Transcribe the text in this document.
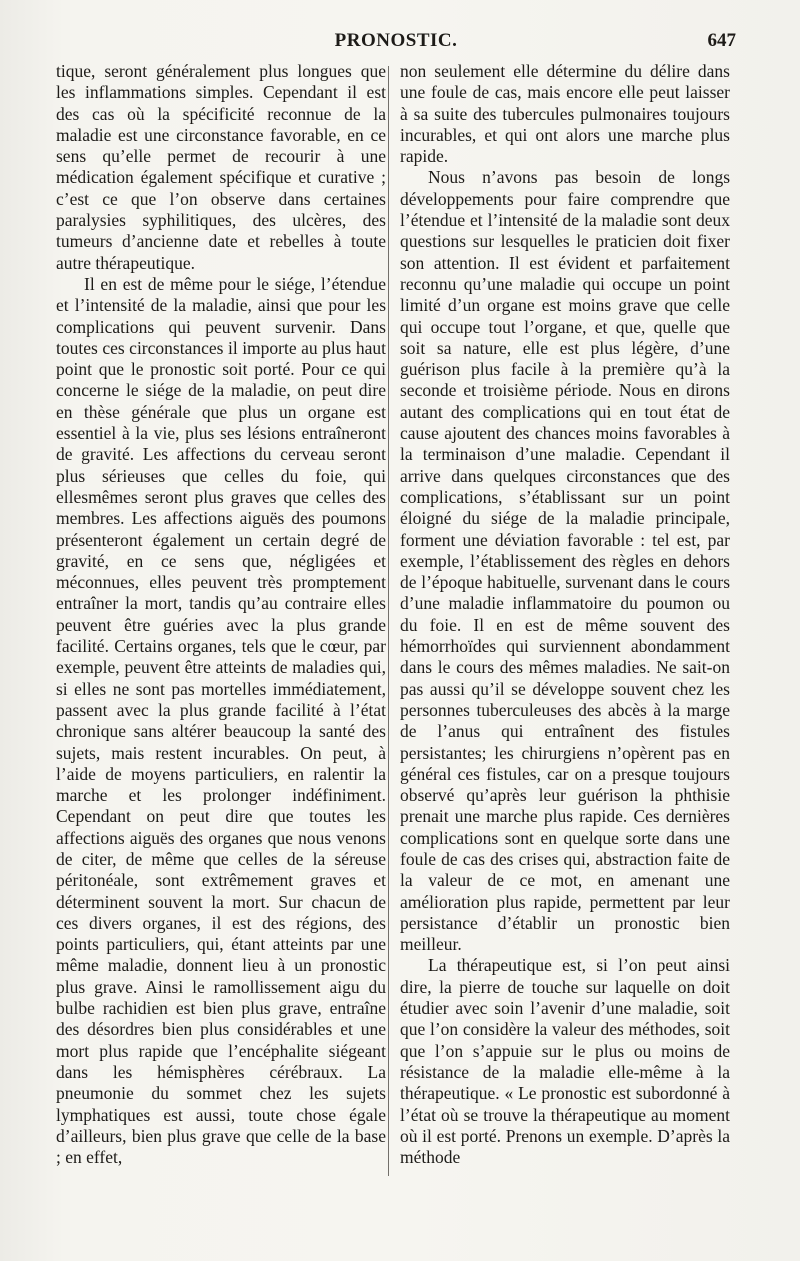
PRONOSTIC.	647

tique, seront généralement plus longues que les inflammations simples. Cependant il est des cas où la spécificité reconnue de la maladie est une circonstance favorable, en ce sens qu’elle permet de recourir à une médication également spécifique et curative ; c’est ce que l’on observe dans certaines paralysies syphilitiques, des ulcères, des tumeurs d’ancienne date et rebelles à toute autre thérapeutique.

Il en est de même pour le siége, l’étendue et l’intensité de la maladie, ainsi que pour les complications qui peuvent survenir. Dans toutes ces circonstances il importe au plus haut point que le pronostic soit porté. Pour ce qui concerne le siége de la maladie, on peut dire en thèse générale que plus un organe est essentiel à la vie, plus ses lésions entraîneront de gravité. Les affections du cerveau seront plus sérieuses que celles du foie, qui ellesmêmes seront plus graves que celles des membres. Les affections aiguës des poumons présenteront également un certain degré de gravité, en ce sens que, négligées et méconnues, elles peuvent très promptement entraîner la mort, tandis qu’au contraire elles peuvent être guéries avec la plus grande facilité. Certains organes, tels que le cœur, par exemple, peuvent être atteints de maladies qui, si elles ne sont pas mortelles immédiatement, passent avec la plus grande facilité à l’état chronique sans altérer beaucoup la santé des sujets, mais restent incurables. On peut, à l’aide de moyens particuliers, en ralentir la marche et les prolonger indéfiniment. Cependant on peut dire que toutes les affections aiguës des organes que nous venons de citer, de même que celles de la séreuse péritonéale, sont extrêmement graves et déterminent souvent la mort. Sur chacun de ces divers organes, il est des régions, des points particuliers, qui, étant atteints par une même maladie, donnent lieu à un pronostic plus grave. Ainsi le ramollissement aigu du bulbe rachidien est bien plus grave, entraîne des désordres bien plus considérables et une mort plus rapide que l’encéphalite siégeant dans les hémisphères cérébraux. La pneumonie du sommet chez les sujets lymphatiques est aussi, toute chose égale d’ailleurs, bien plus grave que celle de la base ; en effet,

non seulement elle détermine du délire dans une foule de cas, mais encore elle peut laisser à sa suite des tubercules pulmonaires toujours incurables, et qui ont alors une marche plus rapide.

Nous n’avons pas besoin de longs développements pour faire comprendre que l’étendue et l’intensité de la maladie sont deux questions sur lesquelles le praticien doit fixer son attention. Il est évident et parfaitement reconnu qu’une maladie qui occupe un point limité d’un organe est moins grave que celle qui occupe tout l’organe, et que, quelle que soit sa nature, elle est plus légère, d’une guérison plus facile à la première qu’à la seconde et troisième période. Nous en dirons autant des complications qui en tout état de cause ajoutent des chances moins favorables à la terminaison d’une maladie. Cependant il arrive dans quelques circonstances que des complications, s’établissant sur un point éloigné du siége de la maladie principale, forment une déviation favorable : tel est, par exemple, l’établissement des règles en dehors de l’époque habituelle, survenant dans le cours d’une maladie inflammatoire du poumon ou du foie. Il en est de même souvent des hémorrhoïdes qui surviennent abondamment dans le cours des mêmes maladies. Ne sait-on pas aussi qu’il se développe souvent chez les personnes tuberculeuses des abcès à la marge de l’anus qui entraînent des fistules persistantes; les chirurgiens n’opèrent pas en général ces fistules, car on a presque toujours observé qu’après leur guérison la phthisie prenait une marche plus rapide. Ces dernières complications sont en quelque sorte dans une foule de cas des crises qui, abstraction faite de la valeur de ce mot, en amenant une amélioration plus rapide, permettent par leur persistance d’établir un pronostic bien meilleur.

La thérapeutique est, si l’on peut ainsi dire, la pierre de touche sur laquelle on doit étudier avec soin l’avenir d’une maladie, soit que l’on considère la valeur des méthodes, soit que l’on s’appuie sur le plus ou moins de résistance de la maladie elle-même à la thérapeutique. « Le pronostic est subordonné à l’état où se trouve la thérapeutique au moment où il est porté. Prenons un exemple. D’après la méthode
